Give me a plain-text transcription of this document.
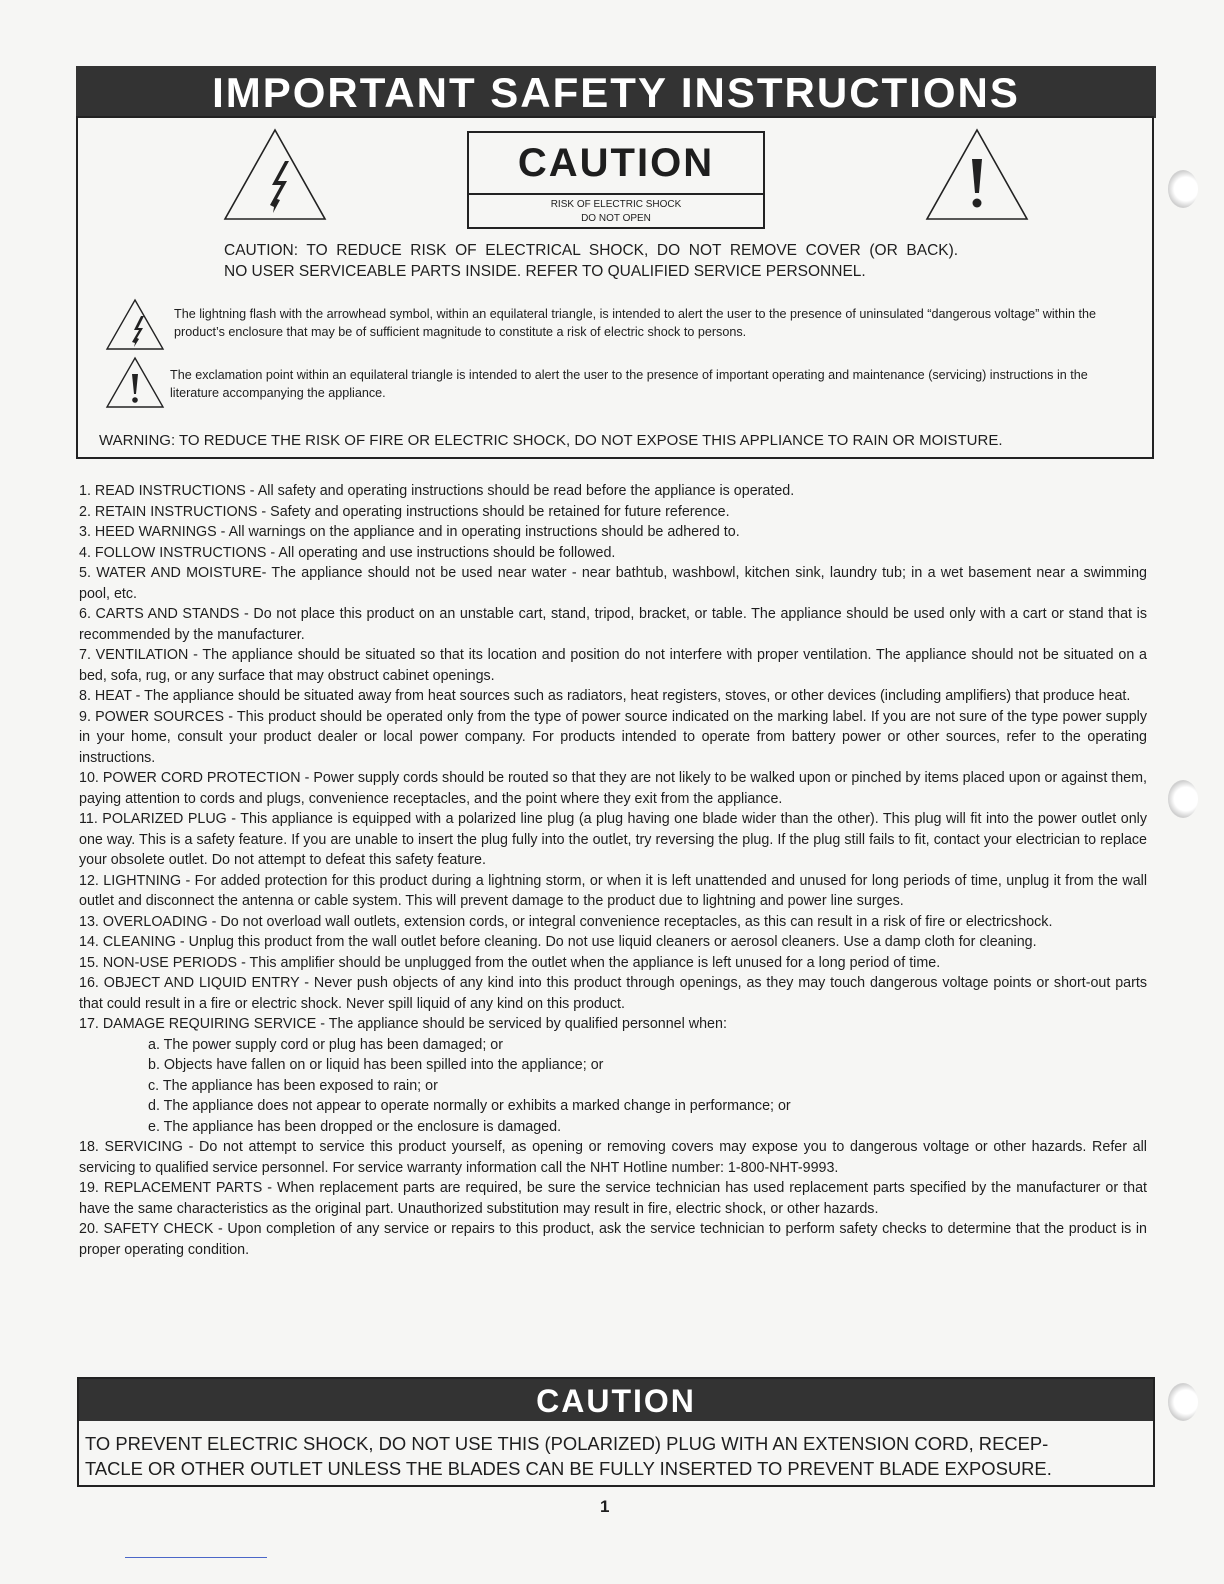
IMPORTANT SAFETY INSTRUCTIONS
CAUTION
RISK OF ELECTRIC SHOCK
DO NOT OPEN
CAUTION:  TO  REDUCE  RISK  OF  ELECTRICAL  SHOCK,  DO  NOT  REMOVE  COVER  (OR  BACK).
NO USER SERVICEABLE PARTS INSIDE. REFER TO QUALIFIED SERVICE PERSONNEL.
The lightning flash with the arrowhead symbol, within an equilateral triangle, is intended to alert the user to the presence of uninsulated “dangerous voltage” within the product’s enclosure that may be of sufficient magnitude to constitute a risk of electric shock to persons.
The exclamation point within an equilateral triangle is intended to alert the user to the presence of important operating and maintenance (servicing) instructions in the literature accompanying the appliance.
WARNING: TO REDUCE THE RISK OF FIRE OR ELECTRIC SHOCK, DO NOT EXPOSE THIS APPLIANCE TO RAIN OR MOISTURE.

1. READ INSTRUCTIONS - All safety and operating instructions should be read before the appliance is operated.

2. RETAIN INSTRUCTIONS - Safety and operating instructions should be retained for future reference.

3. HEED WARNINGS - All warnings on the appliance and in operating instructions should be adhered to.

4. FOLLOW INSTRUCTIONS - All operating and use instructions should be followed.

5. WATER AND MOISTURE- The appliance should not be used near water - near bathtub, washbowl, kitchen sink, laundry tub; in a wet basement near a swimming pool, etc.

6. CARTS AND STANDS - Do not place this product on an unstable cart, stand, tripod, bracket, or table. The appliance should be used only with a cart or stand that is recommended by the manufacturer.

7. VENTILATION - The appliance should be situated so that its location and position do not interfere with proper ventilation. The appliance should not be situated on a bed, sofa, rug, or any surface that may obstruct cabinet openings.

8. HEAT - The appliance should be situated away from heat sources such as radiators, heat registers, stoves, or other devices (including amplifiers) that produce heat.

9. POWER SOURCES - This product should be operated only from the type of power source indicated on the marking label. If you are not sure of the type power supply in your home, consult your product dealer or local power company. For products intended to operate from battery power or other sources, refer to the operating instructions.

10. POWER CORD PROTECTION - Power supply cords should be routed so that they are not likely to be walked upon or pinched by items placed upon or against them, paying attention to cords and plugs, convenience receptacles, and the point where they exit from the appliance.

11. POLARIZED PLUG - This appliance is equipped with a polarized line plug (a plug having one blade wider than the other). This plug will fit into the power outlet only one way. This is a safety feature. If you are unable to insert the plug fully into the outlet, try reversing the plug. If the plug still fails to fit, contact your electrician to replace your obsolete outlet. Do not attempt to defeat this safety feature.

12. LIGHTNING - For added protection for this product during a lightning storm, or when it is left unattended and unused for long periods of time, unplug it from the wall outlet and disconnect the antenna or cable system. This will prevent damage to the product due to lightning and power line surges.

13. OVERLOADING - Do not overload wall outlets, extension cords, or integral convenience receptacles, as this can result in a risk of fire or electricshock.

14. CLEANING - Unplug this product from the wall outlet before cleaning. Do not use liquid cleaners or aerosol cleaners. Use a damp cloth for cleaning.

15. NON-USE PERIODS - This amplifier should be unplugged from the outlet when the appliance is left unused for a long period of time.

16. OBJECT AND LIQUID ENTRY - Never push objects of any kind into this product through openings, as they may touch dangerous voltage points or short-out parts that could result in a fire or electric shock. Never spill liquid of any kind on this product.

17. DAMAGE REQUIRING SERVICE - The appliance should be serviced by qualified personnel when:

a. The power supply cord or plug has been damaged; or

b. Objects have fallen on or liquid has been spilled into the appliance; or

c. The appliance has been exposed to rain; or

d. The appliance does not appear to operate normally or exhibits a marked change in performance; or

e. The appliance has been dropped or the enclosure is damaged.

18. SERVICING - Do not attempt to service this product yourself, as opening or removing covers may expose you to dangerous voltage or other hazards. Refer all servicing to qualified service personnel. For service warranty information call the NHT Hotline number: 1-800-NHT-9993.

19. REPLACEMENT PARTS - When replacement parts are required, be sure the service technician has used replacement parts specified by the manufacturer or that have the same characteristics as the original part. Unauthorized substitution may result in fire, electric shock, or other hazards.

20. SAFETY CHECK - Upon completion of any service or repairs to this product, ask the service technician to perform safety checks to determine that the product is in proper operating condition.

CAUTION
TO PREVENT ELECTRIC SHOCK, DO NOT USE THIS (POLARIZED) PLUG WITH AN EXTENSION CORD, RECEP-
TACLE OR OTHER OUTLET UNLESS THE BLADES CAN BE FULLY INSERTED TO PREVENT BLADE EXPOSURE.
1
